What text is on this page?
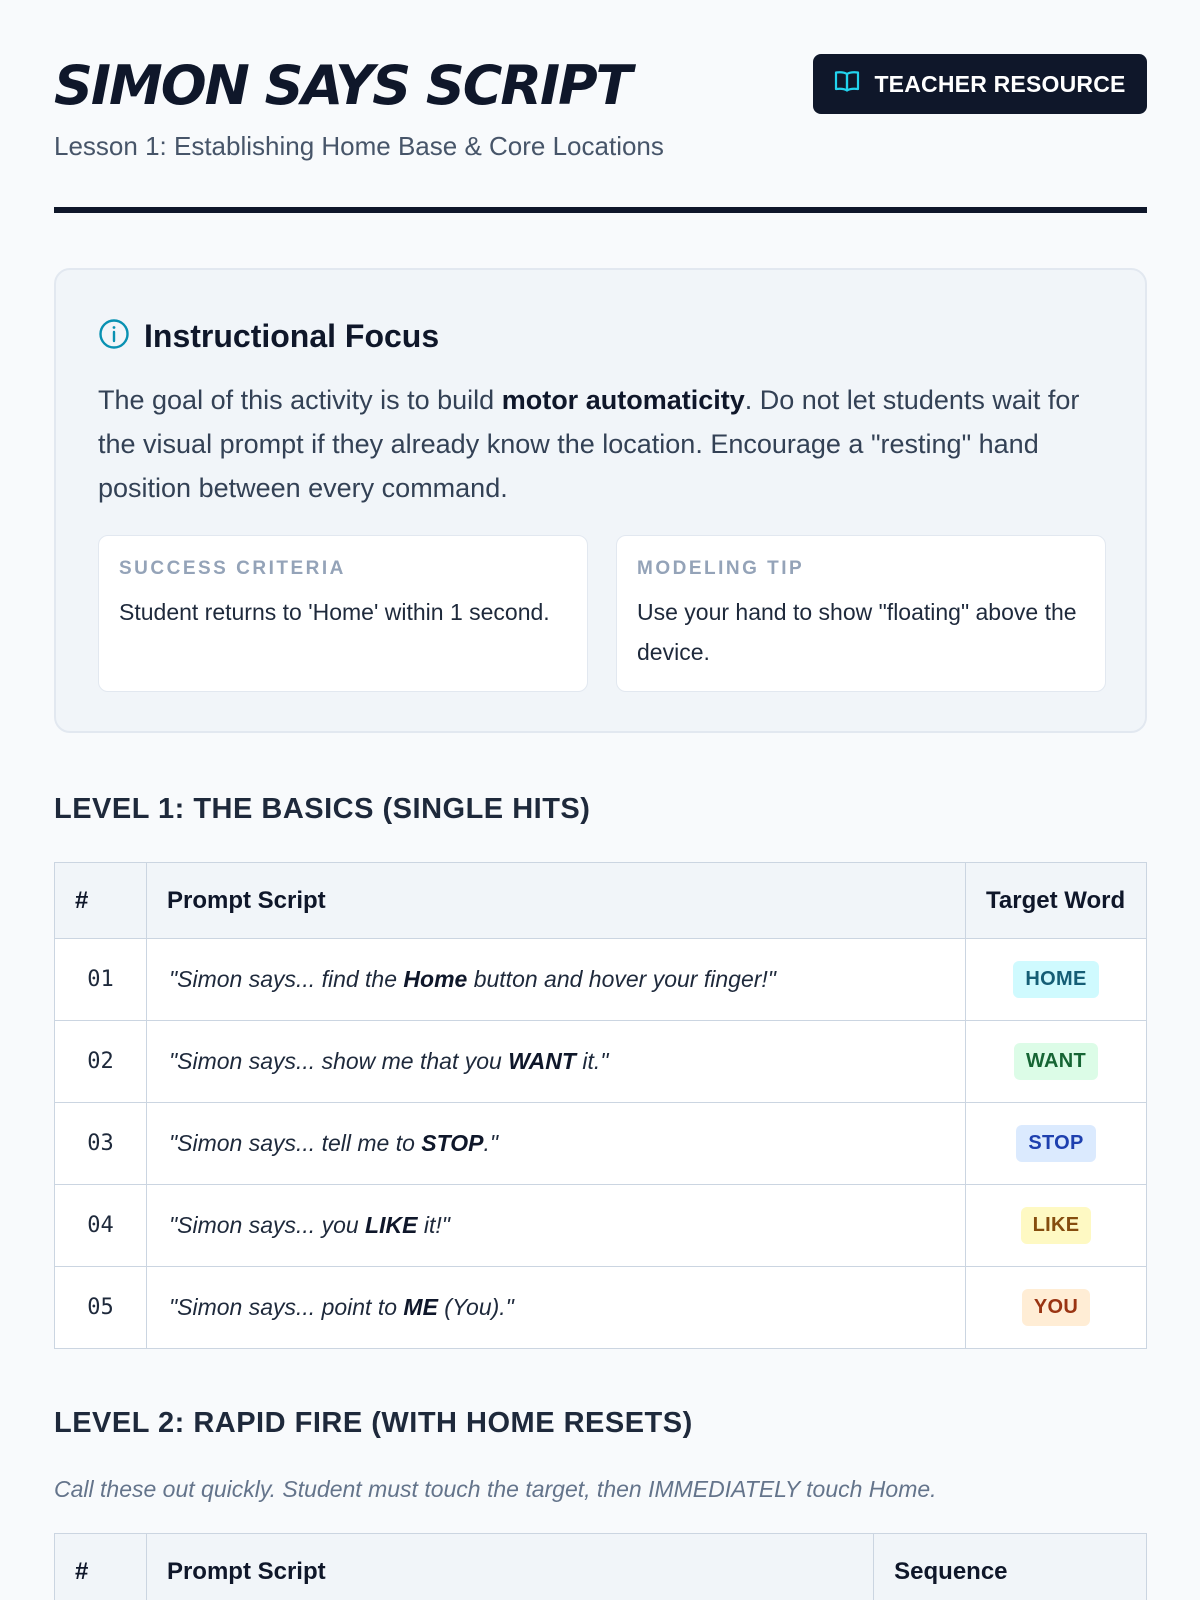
SIMON SAYS SCRIPT
Lesson 1: Establishing Home Base & Core Locations
TEACHER RESOURCE
Instructional Focus

The goal of this activity is to build motor automaticity. Do not let students wait for the visual prompt if they already know the location. Encourage a "resting" hand position between every command.

SUCCESS CRITERIA
Student returns to 'Home' within 1 second.
MODELING TIP
Use your hand to show "floating" above the device.
LEVEL 1: THE BASICS (SINGLE HITS)
#	Prompt Script	Target Word
01	"Simon says... find the Home button and hover your finger!"	HOME
02	"Simon says... show me that you WANT it."	WANT
03	"Simon says... tell me to STOP."	STOP
04	"Simon says... you LIKE it!"	LIKE
05	"Simon says... point to ME (You)."	YOU
LEVEL 2: RAPID FIRE (WITH HOME RESETS)
Call these out quickly. Student must touch the target, then IMMEDIATELY touch Home.
#	Prompt Script	Sequence
